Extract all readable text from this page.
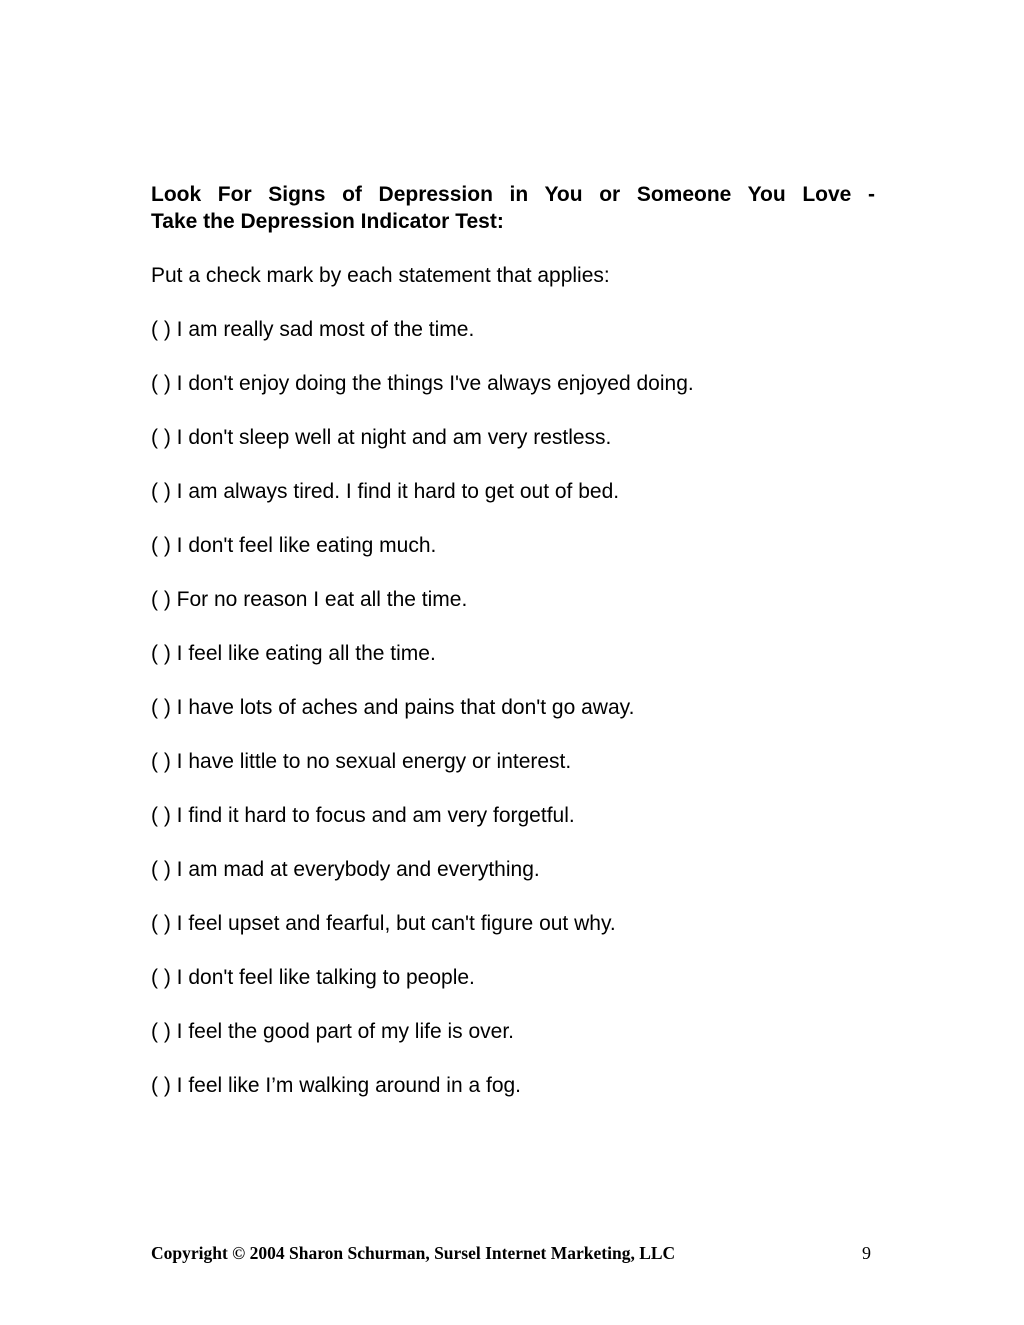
Look For Signs of Depression in You or Someone You Love -
Take the Depression Indicator Test:

Put a check mark by each statement that applies:

( ) I am really sad most of the time.
( ) I don't enjoy doing the things I've always enjoyed doing.
( ) I don't sleep well at night and am very restless.
( ) I am always tired. I find it hard to get out of bed.
( ) I don't feel like eating much.
( ) For no reason I eat all the time.
( ) I feel like eating all the time.
( ) I have lots of aches and pains that don't go away.
( ) I have little to no sexual energy or interest.
( ) I find it hard to focus and am very forgetful.
( ) I am mad at everybody and everything.
( ) I feel upset and fearful, but can't figure out why.
( ) I don't feel like talking to people.
( ) I feel the good part of my life is over.
( ) I feel like I’m walking around in a fog.
Copyright © 2004 Sharon Schurman, Sursel Internet Marketing, LLC	9
